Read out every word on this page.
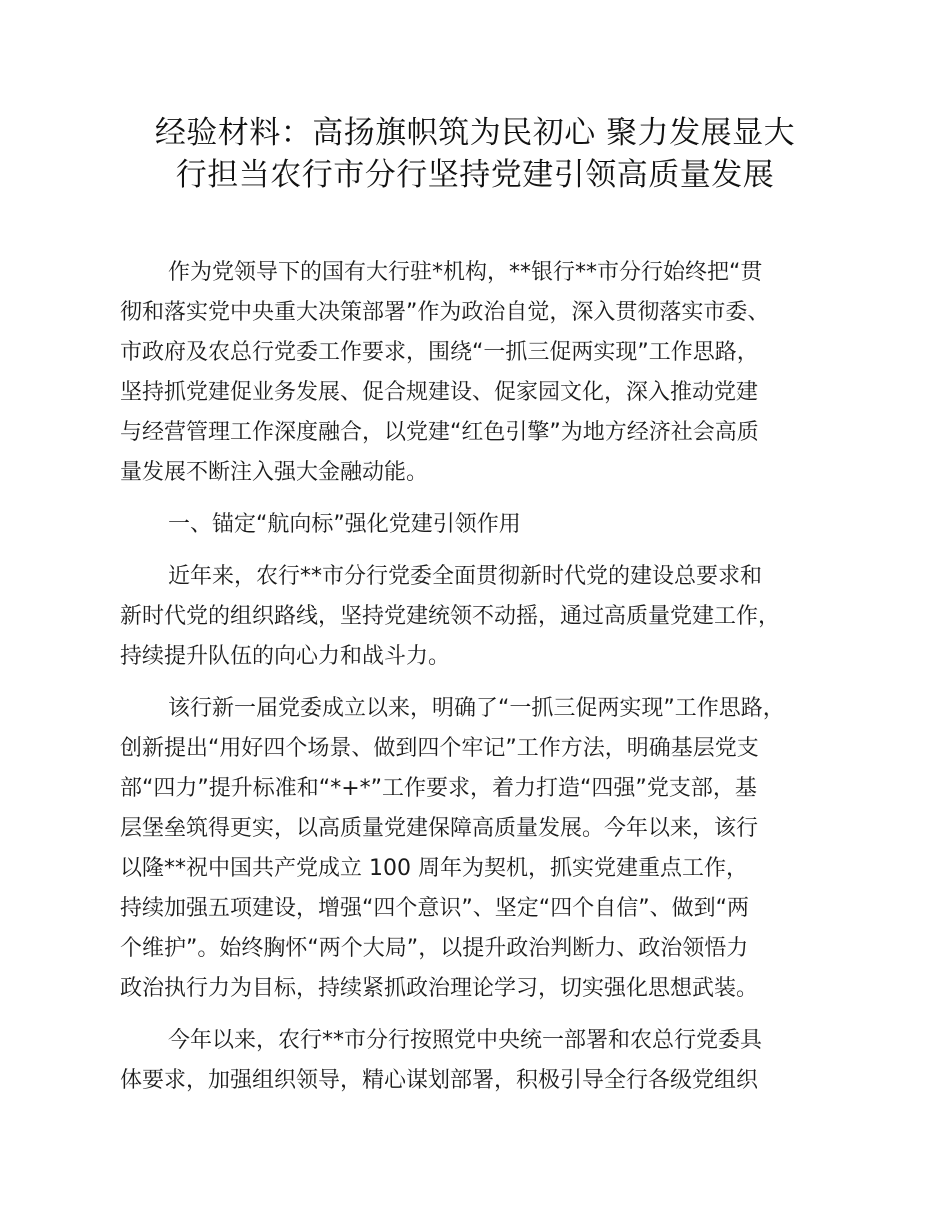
经验材料：高扬旗帜筑为民初心 聚力发展显大
行担当农行市分行坚持党建引领高质量发展

作为党领导下的国有大行驻*机构，**银行**市分行始终把“贯
彻和落实党中央重大决策部署”作为政治自觉，深入贯彻落实市委、
市政府及农总行党委工作要求，围绕“一抓三促两实现”工作思路，
坚持抓党建促业务发展、促合规建设、促家园文化，深入推动党建
与经营管理工作深度融合，以党建“红色引擎”为地方经济社会高质
量发展不断注入强大金融动能。

一、锚定“航向标”强化党建引领作用

近年来，农行**市分行党委全面贯彻新时代党的建设总要求和
新时代党的组织路线，坚持党建统领不动摇，通过高质量党建工作，
持续提升队伍的向心力和战斗力。

该行新一届党委成立以来，明确了“一抓三促两实现”工作思路，
创新提出“用好四个场景、做到四个牢记”工作方法，明确基层党支
部“四力”提升标准和“*+*”工作要求，着力打造“四强”党支部，基
层堡垒筑得更实，以高质量党建保障高质量发展。今年以来，该行
以隆**祝中国共产党成立 100 周年为契机，抓实党建重点工作，
持续加强五项建设，增强“四个意识”、坚定“四个自信”、做到“两
个维护”。始终胸怀“两个大局”，以提升政治判断力、政治领悟力
政治执行力为目标，持续紧抓政治理论学习，切实强化思想武装。

今年以来，农行**市分行按照党中央统一部署和农总行党委具
体要求，加强组织领导，精心谋划部署，积极引导全行各级党组织
